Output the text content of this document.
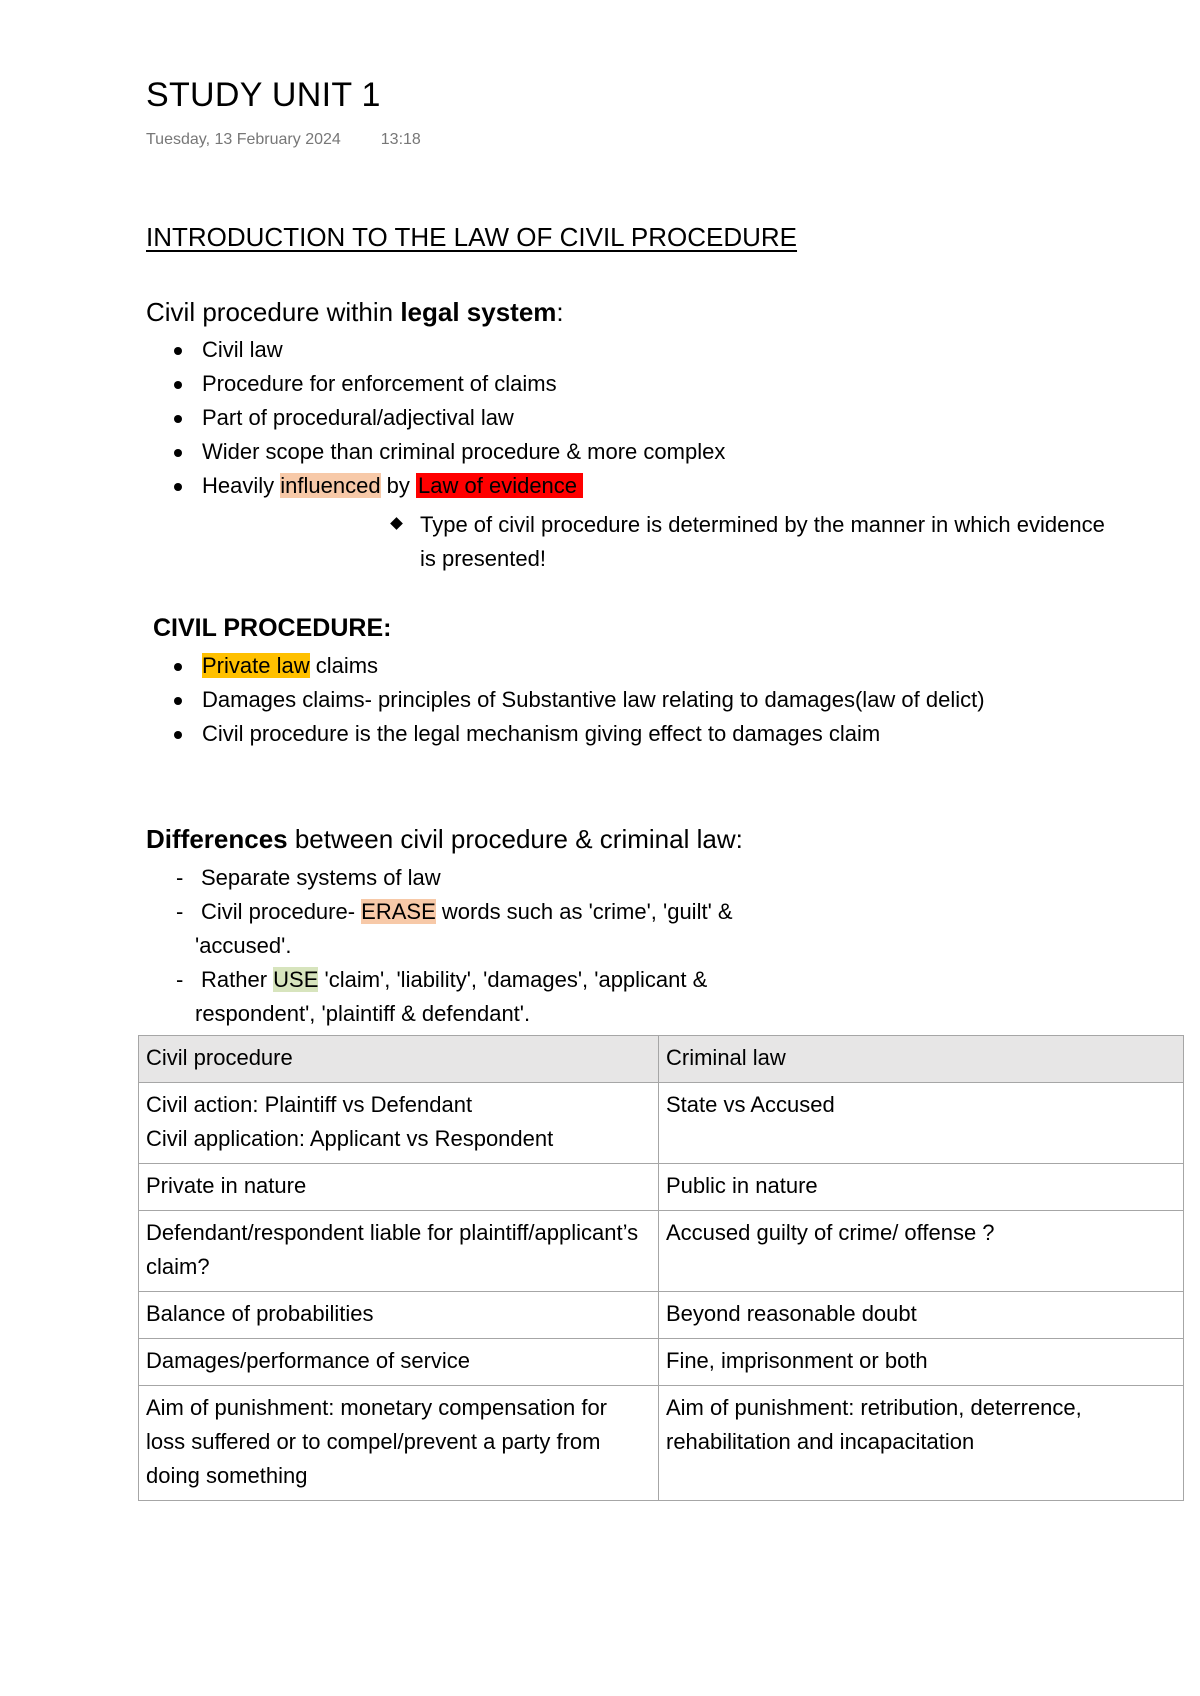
STUDY UNIT 1
Tuesday, 13 February 2024	13:18
INTRODUCTION TO THE LAW OF CIVIL PROCEDURE
Civil procedure within legal system:
Civil law
Procedure for enforcement of claims
Part of procedural/adjectival law
Wider scope than criminal procedure & more complex
Heavily influenced by Law of evidence
Type of civil procedure is determined by the manner in which evidence is presented!
CIVIL PROCEDURE:
Private law claims
Damages claims- principles of Substantive law relating to damages(law of delict)
Civil procedure is the legal mechanism giving effect to damages claim
Differences between civil procedure & criminal law:
- Separate systems of law
- Civil procedure- ERASE words such as 'crime', 'guilt' &
'accused'.
- Rather USE 'claim', 'liability', 'damages', 'applicant &
respondent', 'plaintiff & defendant'.
Civil procedure	Criminal law

Civil action: Plaintiff vs Defendant
Civil application: Applicant vs Respondent	State vs Accused

Private in nature	Public in nature

Defendant/respondent liable for plaintiff/applicant’s claim?	Accused guilty of crime/ offense ?

Balance of probabilities	Beyond reasonable doubt

Damages/performance of service	Fine, imprisonment or both

Aim of punishment: monetary compensation for loss suffered or to compel/prevent a party from doing something	Aim of punishment: retribution, deterrence, rehabilitation and incapacitation
